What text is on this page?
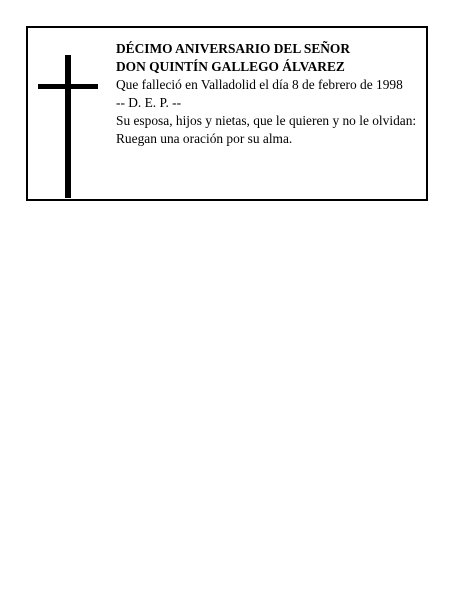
DÉCIMO ANIVERSARIO DEL SEÑOR
DON QUINTÍN GALLEGO ÁLVAREZ
Que falleció en Valladolid el día 8 de febrero de 1998
-- D. E. P. --
Su esposa, hijos y nietas, que le quieren y no le olvidan:
Ruegan una oración por su alma.
